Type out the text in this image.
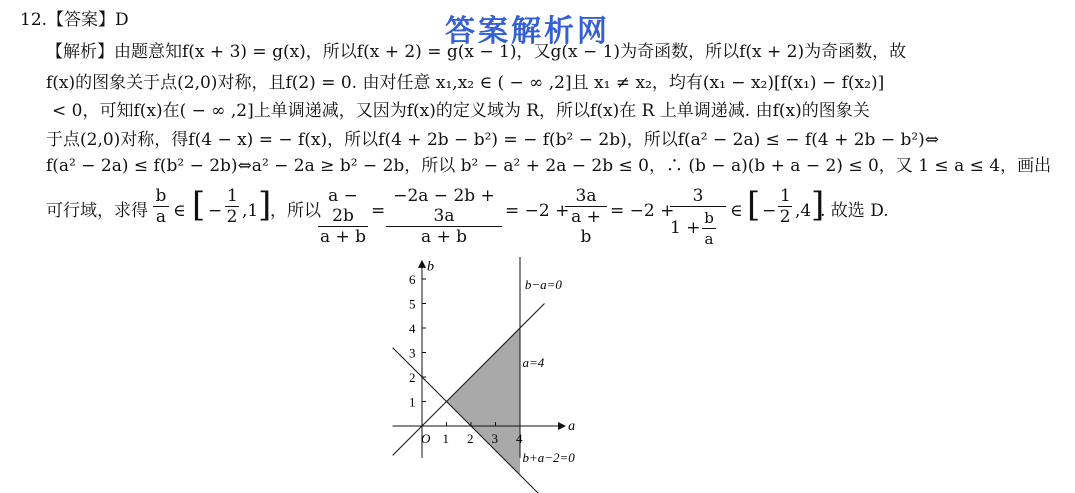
答案解析网
12.【答案】D
【解析】由题意知f(x + 3) = g(x)，所以f(x + 2) = g(x − 1)，又g(x − 1)为奇函数，所以f(x + 2)为奇函数，故
f(x)的图象关于点(2,0)对称，且f(2) = 0. 由对任意 x₁,x₂ ∈ ( − ∞ ,2]且 x₁ ≠ x₂，均有(x₁ − x₂)[f(x₁) − f(x₂)]
< 0，可知f(x)在( − ∞ ,2]上单调递减，又因为f(x)的定义域为 R，所以f(x)在 R 上单调递减. 由f(x)的图象关
于点(2,0)对称，得f(4 − x) = − f(x)，所以f(4 + 2b − b²) = − f(b² − 2b)，所以f(a² − 2a) ≤ − f(4 + 2b − b²)⇔
f(a² − 2a) ≤ f(b² − 2b)⇔a² − 2a ≥ b² − 2b，所以 b² − a² + 2a − 2b ≤ 0，∴ (b − a)(b + a − 2) ≤ 0，又 1 ≤ a ≤ 4，画出
可行域，求得 $\frac{b}{a}$ ∈ [ − $\frac{1}{2} ,1$ ]
，所以
$\frac{a - 2b}{a + b} = \frac{-2a - 2b + 3a}{a + b} = -2$ +
$\frac{3a}{a + b} = -2$ +
3
$1 + \frac{b}{a}$ ∈ [ − $\frac{1}{2} ,4$ ]
. 故选 D.
1 2 3 4
1
2
3
4
5
6
O
a
b
b−a=0
a=4
b+a−2=0
